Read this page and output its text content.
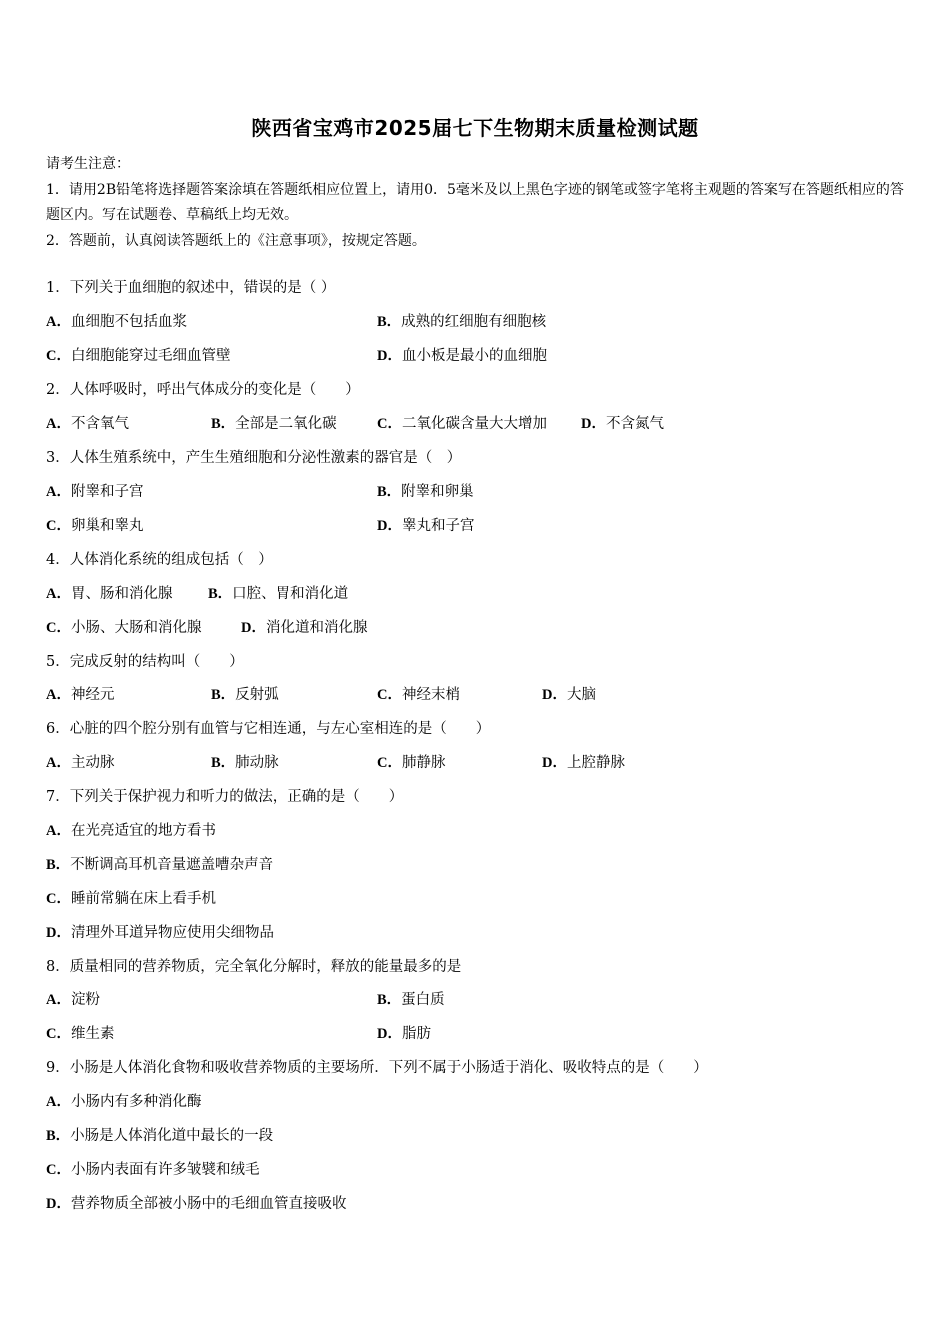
陕西省宝鸡市2025届七下生物期末质量检测试题
请考生注意：
1．请用2B铅笔将选择题答案涂填在答题纸相应位置上，请用0．5毫米及以上黑色字迹的钢笔或签字笔将主观题的答案写在答题纸相应的答题区内。写在试题卷、草稿纸上均无效。
2．答题前，认真阅读答题纸上的《注意事项》，按规定答题。
1．下列关于血细胞的叙述中，错误的是（ ）
A．血细胞不包括血浆	B．成熟的红细胞有细胞核
C．白细胞能穿过毛细血管壁	D．血小板是最小的血细胞
2．人体呼吸时，呼出气体成分的变化是（　　）
A．不含氧气	B．全部是二氧化碳	C．二氧化碳含量大大增加 D．不含氮气
3．人体生殖系统中，产生生殖细胞和分泌性激素的器官是（　）
A．附睾和子宫	B．附睾和卵巢
C．卵巢和睾丸	D．睾丸和子宫
4．人体消化系统的组成包括（　）
A．胃、肠和消化腺 B．口腔、胃和消化道
C．小肠、大肠和消化腺	D．消化道和消化腺
5．完成反射的结构叫（　　）
A．神经元	B．反射弧	C．神经末梢	D．大脑
6．心脏的四个腔分别有血管与它相连通，与左心室相连的是（　　）
A．主动脉	B．肺动脉	C．肺静脉	D．上腔静脉
7．下列关于保护视力和听力的做法，正确的是（　　）
A．在光亮适宜的地方看书
B．不断调高耳机音量遮盖嘈杂声音
C．睡前常躺在床上看手机
D．清理外耳道异物应使用尖细物品
8．质量相同的营养物质，完全氧化分解时，释放的能量最多的是
A．淀粉	B．蛋白质
C．维生素	D．脂肪
9．小肠是人体消化食物和吸收营养物质的主要场所．下列不属于小肠适于消化、吸收特点的是（　　）
A．小肠内有多种消化酶
B．小肠是人体消化道中最长的一段
C．小肠内表面有许多皱襞和绒毛
D．营养物质全部被小肠中的毛细血管直接吸收
